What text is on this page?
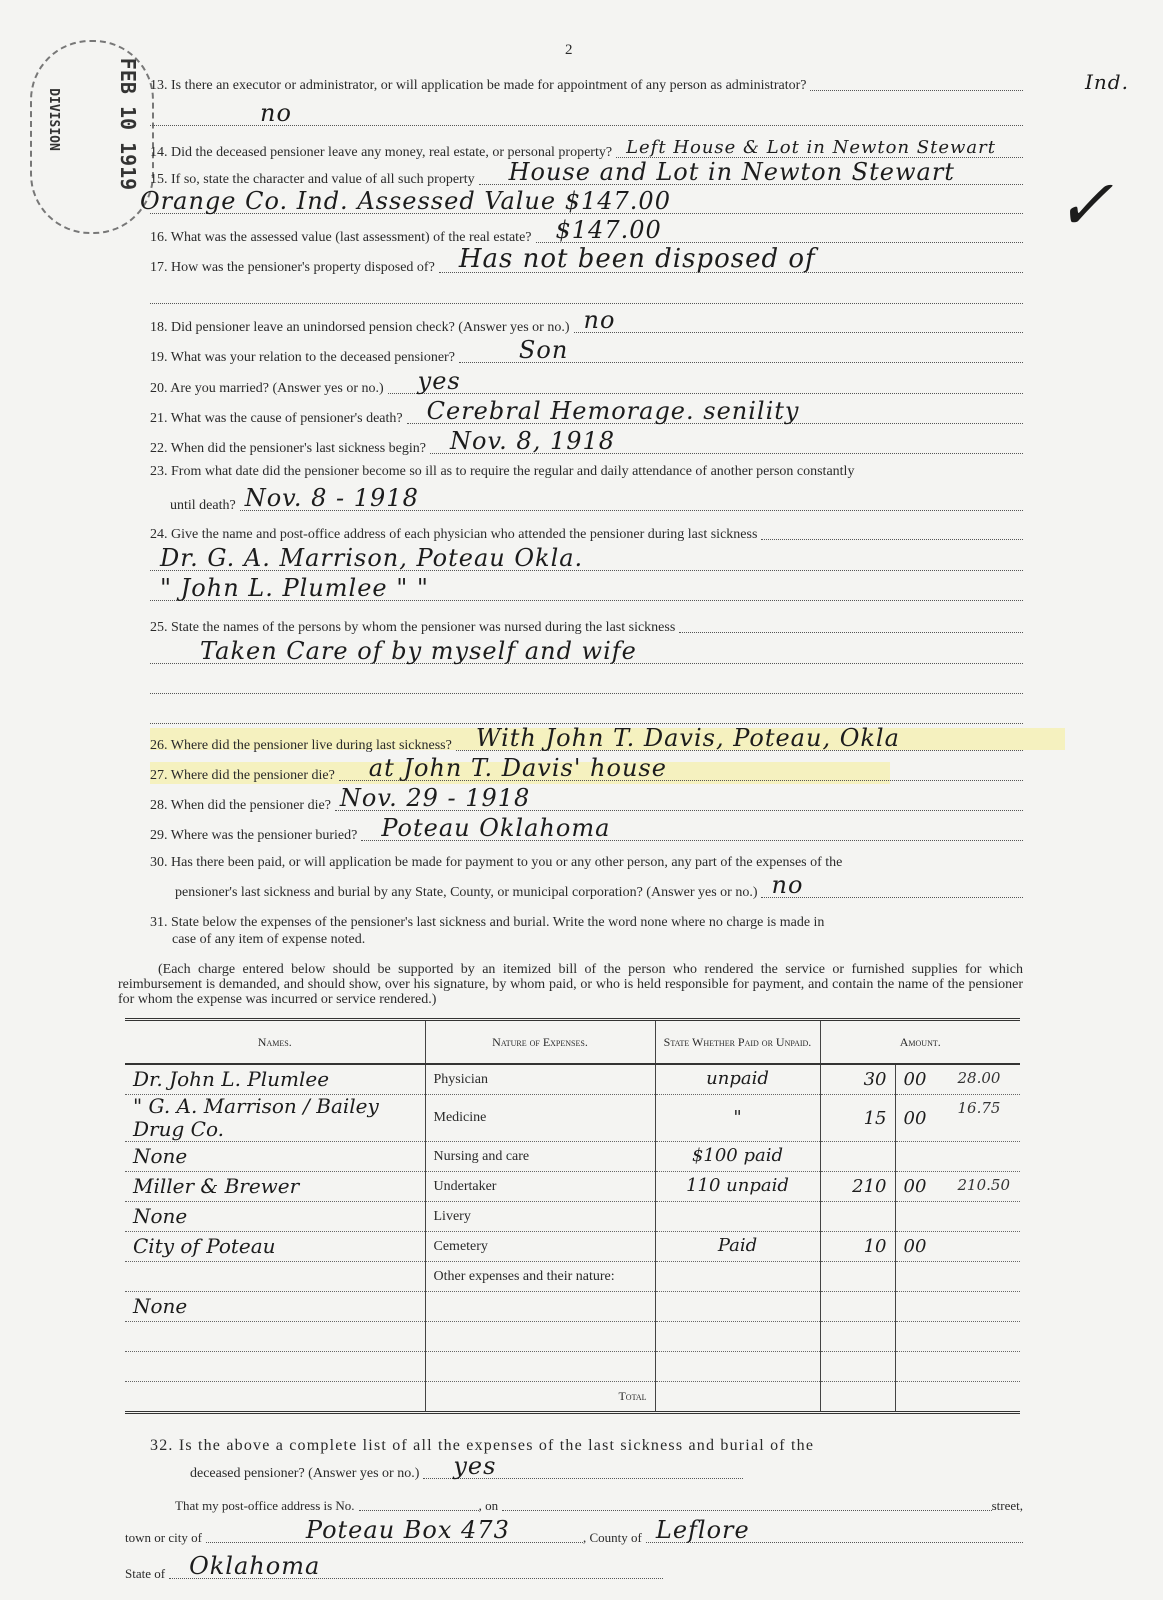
FEB 10 1919
DIVISION
2
Ind.
✓
13. Is there an executor or administrator, or will application be made for appointment of any person as administrator?
no
14. Did the deceased pensioner leave any money, real estate, or personal property? Left House & Lot in Newton Stewart
15. If so, state the character and value of all such property House and Lot in Newton Stewart
Orange Co. Ind. Assessed Value $147.00
16. What was the assessed value (last assessment) of the real estate? $147.00
17. How was the pensioner's property disposed of? Has not been disposed of
18. Did pensioner leave an unindorsed pension check? (Answer yes or no.) no
19. What was your relation to the deceased pensioner?	Son
20. Are you married? (Answer yes or no.) yes
21. What was the cause of pensioner's death? Cerebral Hemorage. senility
22. When did the pensioner's last sickness begin? Nov. 8, 1918
23. From what date did the pensioner become so ill as to require the regular and daily attendance of another person constantly
until death? Nov. 8 - 1918
24. Give the name and post-office address of each physician who attended the pensioner during last sickness
Dr. G. A. Marrison, Poteau Okla.
" John L. Plumlee " "
25. State the names of the persons by whom the pensioner was nursed during the last sickness
Taken Care of by myself and wife
26. Where did the pensioner live during last sickness? With John T. Davis, Poteau, Okla
27. Where did the pensioner die? at John T. Davis' house
28. When did the pensioner die? Nov. 29 - 1918
29. Where was the pensioner buried? Poteau Oklahoma
30. Has there been paid, or will application be made for payment to you or any other person, any part of the expenses of the
pensioner's last sickness and burial by any State, County, or municipal corporation? (Answer yes or no.) no
31. State below the expenses of the pensioner's last sickness and burial. Write the word none where no charge is made in
case of any item of expense noted.
(Each charge entered below should be supported by an itemized bill of the person who rendered the service or furnished supplies for which reimbursement is demanded, and should show, over his signature, by whom paid, or who is held responsible for payment, and contain the name of the pensioner for whom the expense was incurred or service rendered.)
Names.	Nature of Expenses.	State Whether Paid or Unpaid.	Amount.	
Dr. John L. Plumlee	Physician	unpaid	30	00 28.00

" G. A. Marrison / Bailey Drug Co.	Medicine	"	15	00 16.75

None	Nursing and care	$100 paid		
Miller & Brewer	Undertaker	110 unpaid	210	00 210.50

None	Livery			
City of Poteau	Cemetery	Paid	10	00
	Other expenses and their nature:			
None				

	Total			

32. Is the above a complete list of all the expenses of the last sickness and burial of the
deceased pensioner? (Answer yes or no.) yes
That my post-office address is No.	, on	street,
town or city of	Poteau Box 473	, County of Leflore
State of Oklahoma
